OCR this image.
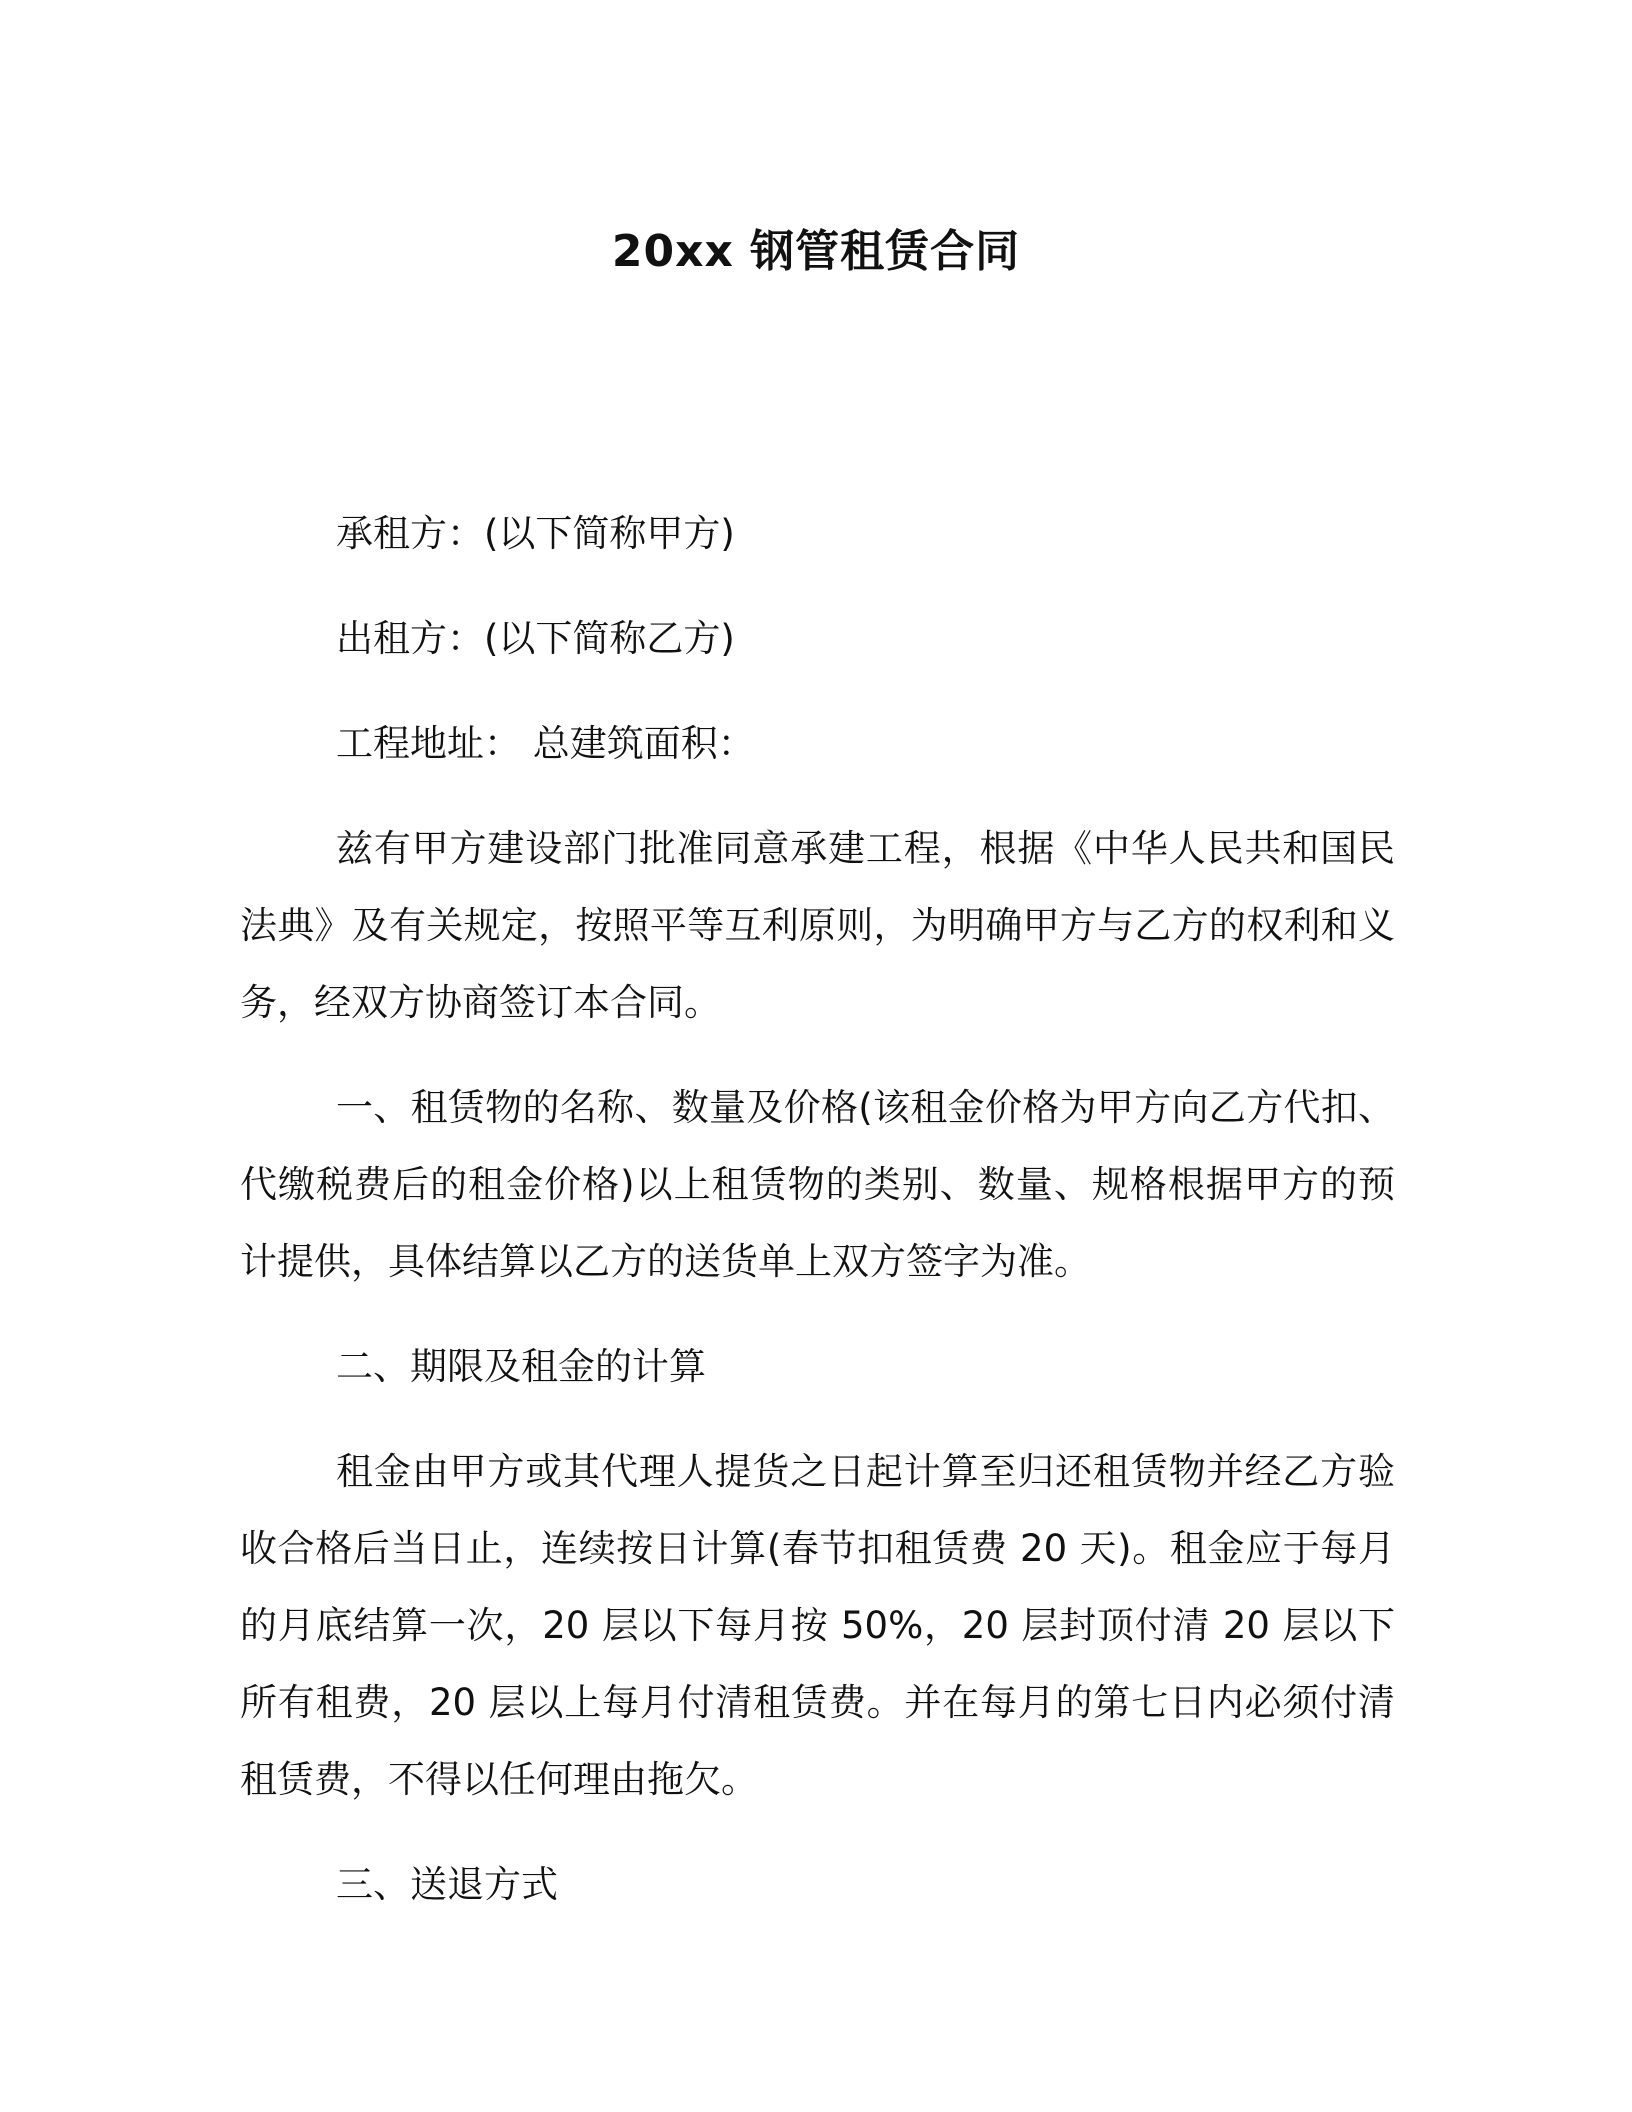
20xx 钢管租赁合同

承租方：(以下简称甲方)

出租方：(以下简称乙方)

工程地址： 总建筑面积：

兹有甲方建设部门批准同意承建工程，根据《中华人民共和国民法典》及有关规定，按照平等互利原则，为明确甲方与乙方的权利和义务，经双方协商签订本合同。

一、租赁物的名称、数量及价格(该租金价格为甲方向乙方代扣、代缴税费后的租金价格)以上租赁物的类别、数量、规格根据甲方的预计提供，具体结算以乙方的送货单上双方签字为准。

二、期限及租金的计算

租金由甲方或其代理人提货之日起计算至归还租赁物并经乙方验收合格后当日止，连续按日计算(春节扣租赁费 20 天)。租金应于每月的月底结算一次，20 层以下每月按 50%，20 层封顶付清 20 层以下所有租费，20 层以上每月付清租赁费。并在每月的第七日内必须付清租赁费，不得以任何理由拖欠。

三、送退方式
